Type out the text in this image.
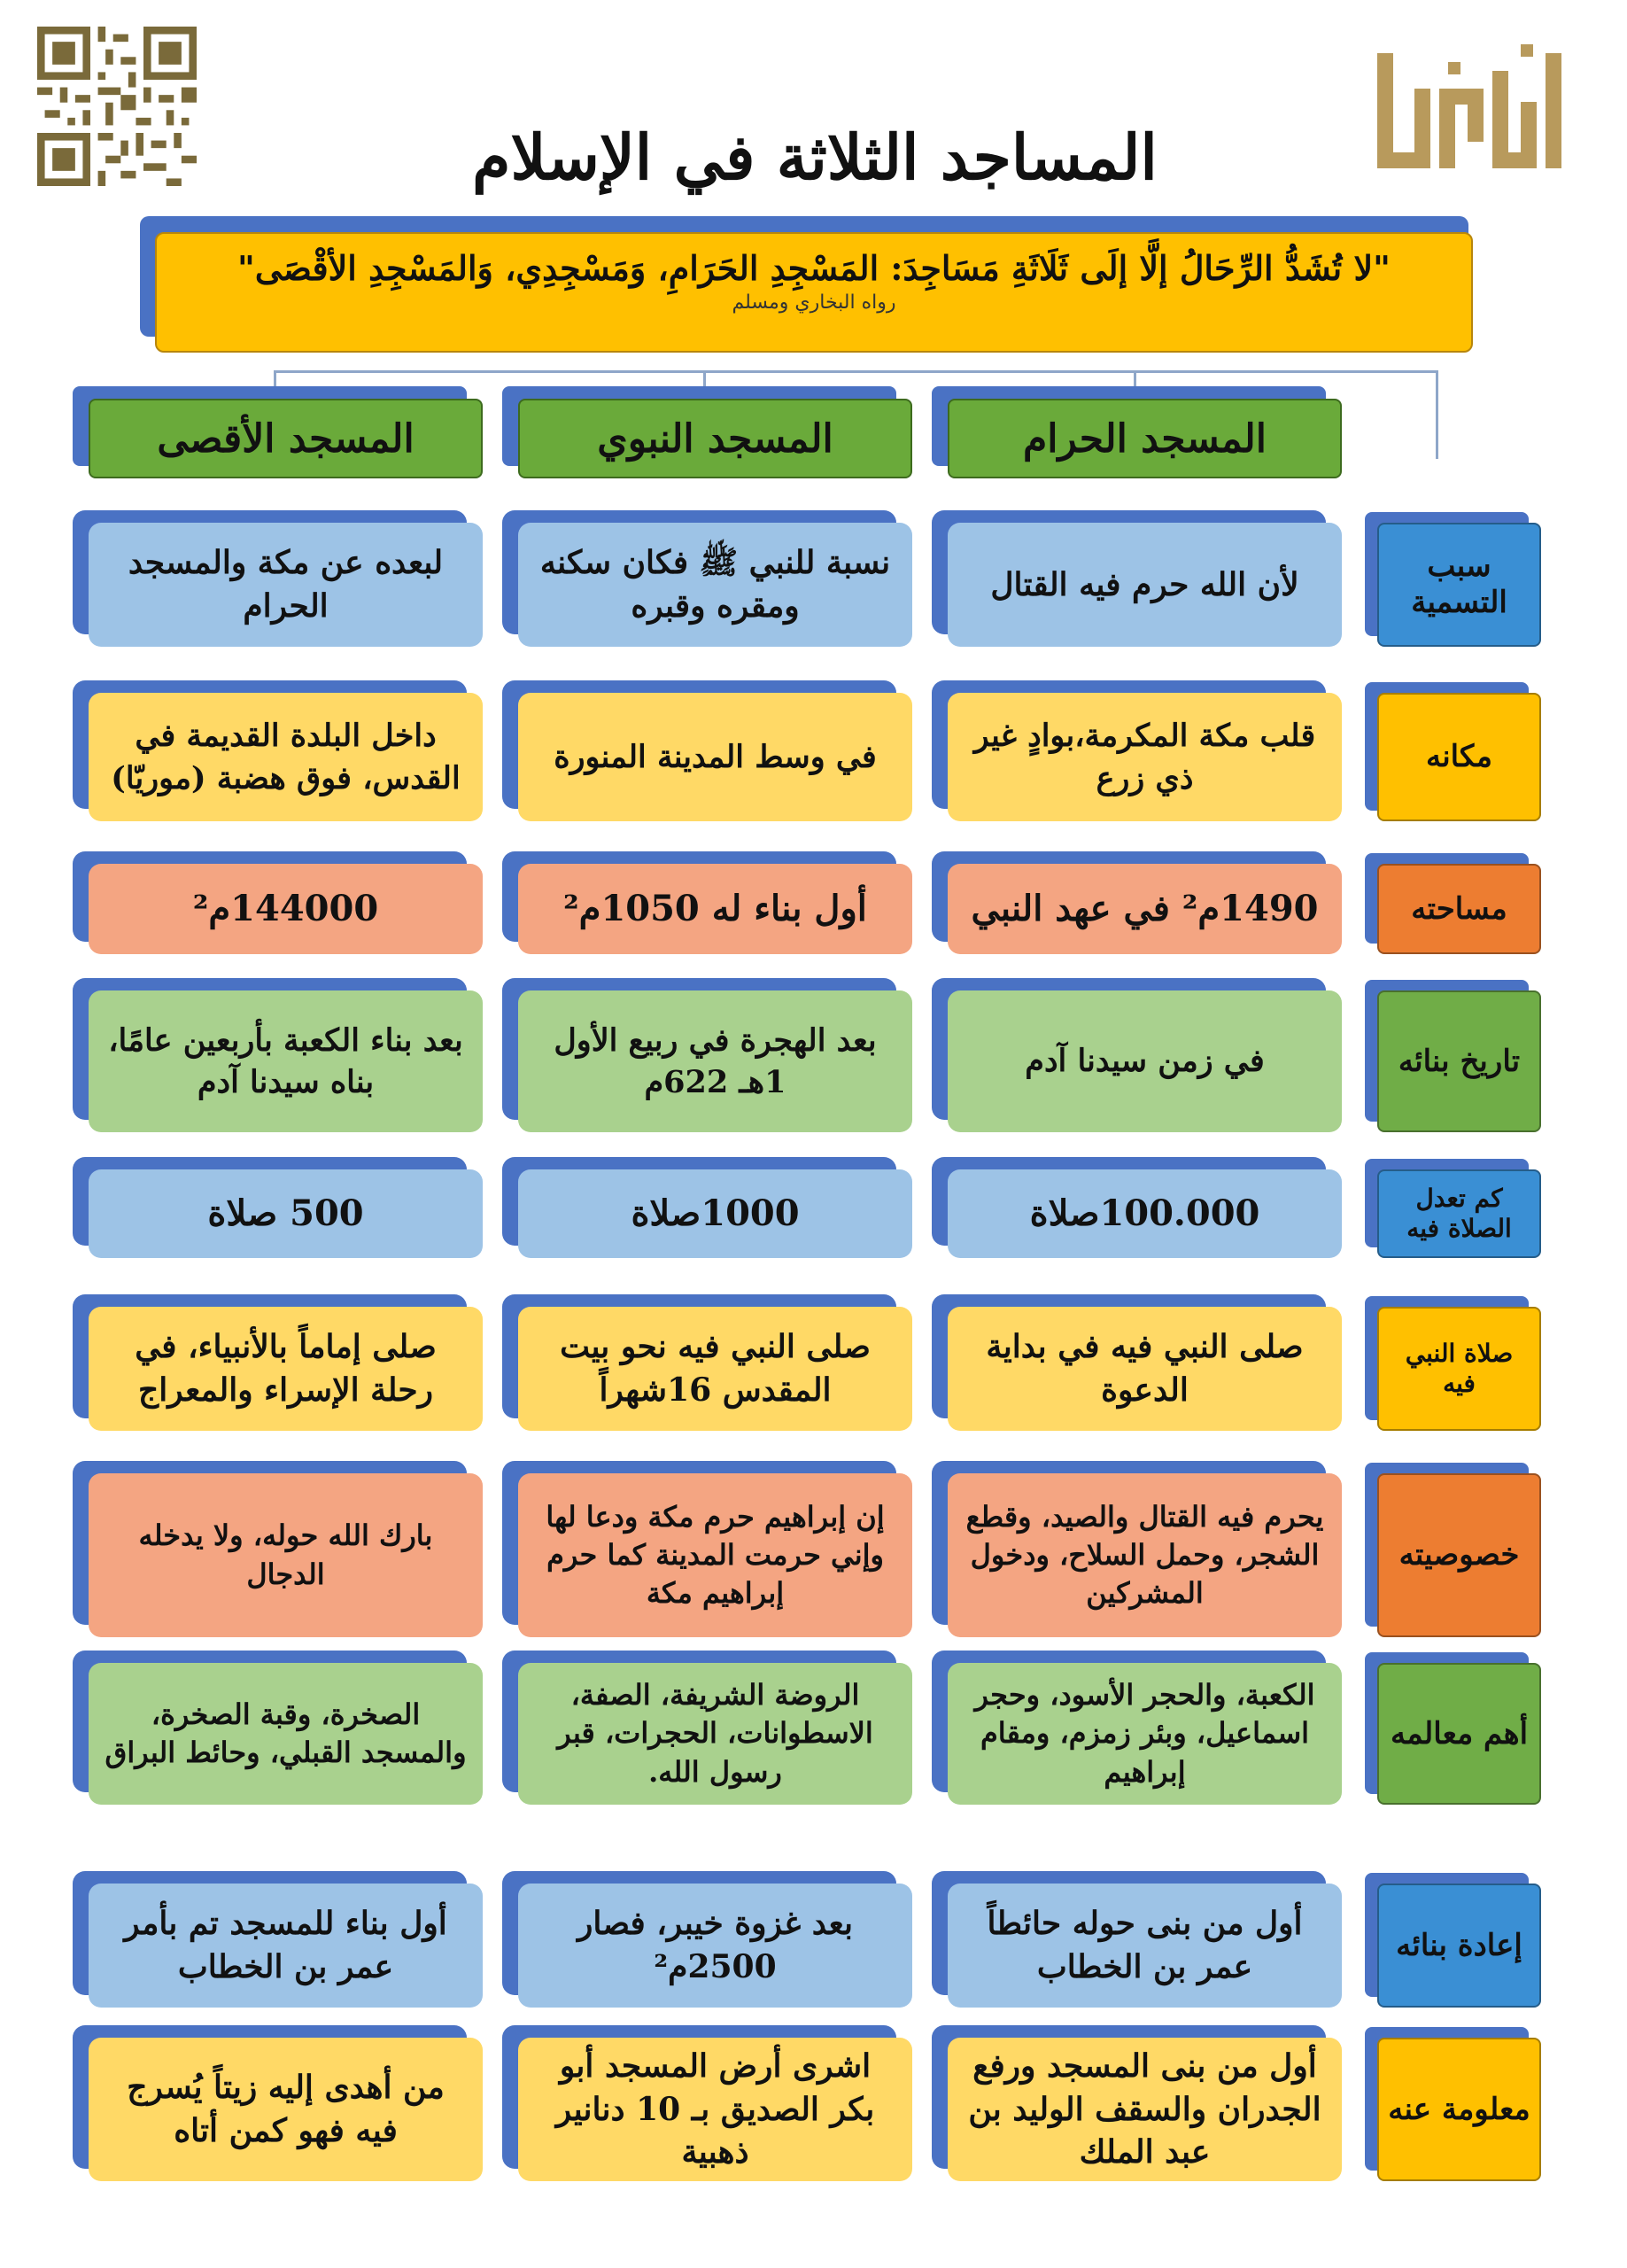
المساجد الثلاثة في الإسلام
"لا تُشَدُّ الرِّحَالُ إلَّا إلَى ثَلَاثَةِ مَسَاجِدَ: المَسْجِدِ الحَرَامِ، وَمَسْجِدِي، وَالمَسْجِدِ الأقْصَى"
رواه البخاري ومسلم
المسجد الحرام
المسجد النبوي
المسجد الأقصى
سبب التسمية
لأن الله حرم فيه القتال
نسبة للنبي ﷺ فكان سكنه ومقره وقبره
لبعده عن مكة والمسجد الحرام
مكانه
قلب مكة المكرمة،بوادٍ غير ذي زرع
في وسط المدينة المنورة
داخل البلدة القديمة في القدس، فوق هضبة (موريّا)
مساحته
1490م² في عهد النبي
أول بناء له 1050م²
144000م²
تاريخ بنائه
في زمن سيدنا آدم
بعد الهجرة في ربيع الأول 1هـ 622م
بعد بناء الكعبة بأربعين عامًا، بناه سيدنا آدم
كم تعدل الصلاة فيه
100.000صلاة
1000صلاة
500 صلاة
صلاة النبي فيه
صلى النبي فيه في بداية الدعوة
صلى النبي فيه نحو بيت المقدس 16شهراً
صلى إماماً بالأنبياء، في رحلة الإسراء والمعراج
خصوصيته
يحرم فيه القتال والصيد، وقطع الشجر، وحمل السلاح، ودخول المشركين
إن إبراهيم حرم مكة ودعا لها وإني حرمت المدينة كما حرم إبراهيم مكة
بارك الله حوله، ولا يدخله الدجال
أهم معالمه
الكعبة، والحجر الأسود، وحجر اسماعيل، وبئر زمزم، ومقام إبراهيم
الروضة الشريفة، الصفة، الاسطوانات، الحجرات، قبر رسول الله.
الصخرة، وقبة الصخرة، والمسجد القبلي، وحائط البراق
إعادة بنائه
أول من بنى حوله حائطاً عمر بن الخطاب
بعد غزوة خيبر، فصار 2500م²
أول بناء للمسجد تم بأمر عمر بن الخطاب
معلومة عنه
أول من بنى المسجد ورفع الجدران والسقف الوليد بن عبد الملك
اشرى أرض المسجد أبو بكر الصديق بـ 10 دنانير ذهبية
من أهدى إليه زيتاً يُسرج فيه فهو كمن أتاه
